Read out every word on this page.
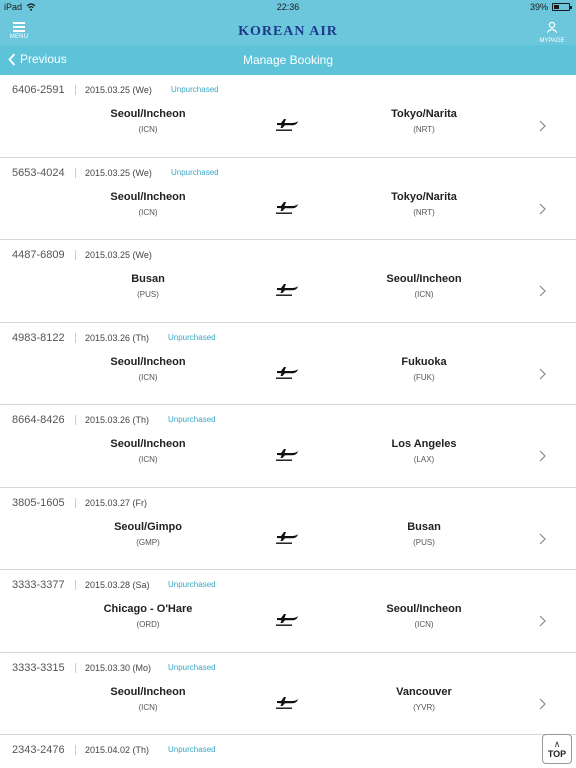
iPad	22:36	39%
MENU	KOREAN AIR
MYPAGE
Previous	Manage Booking
6406-2591 2015.03.25 (We) Unpurchased
Seoul/Incheon
(ICN)
Tokyo/Narita
(NRT)
5653-4024 2015.03.25 (We) Unpurchased
Seoul/Incheon
(ICN)
Tokyo/Narita
(NRT)
4487-6809 2015.03.25 (We)
Busan
(PUS)
Seoul/Incheon
(ICN)
4983-8122 2015.03.26 (Th) Unpurchased
Seoul/Incheon
(ICN)
Fukuoka
(FUK)
8664-8426 2015.03.26 (Th) Unpurchased
Seoul/Incheon
(ICN)
Los Angeles
(LAX)
3805-1605 2015.03.27 (Fr)
Seoul/Gimpo
(GMP)
Busan
(PUS)
3333-3377 2015.03.28 (Sa) Unpurchased
Chicago - O'Hare
(ORD)
Seoul/Incheon
(ICN)
3333-3315 2015.03.30 (Mo) Unpurchased
Seoul/Incheon
(ICN)
Vancouver
(YVR)
2343-2476 2015.04.02 (Th) Unpurchased
∧
TOP
